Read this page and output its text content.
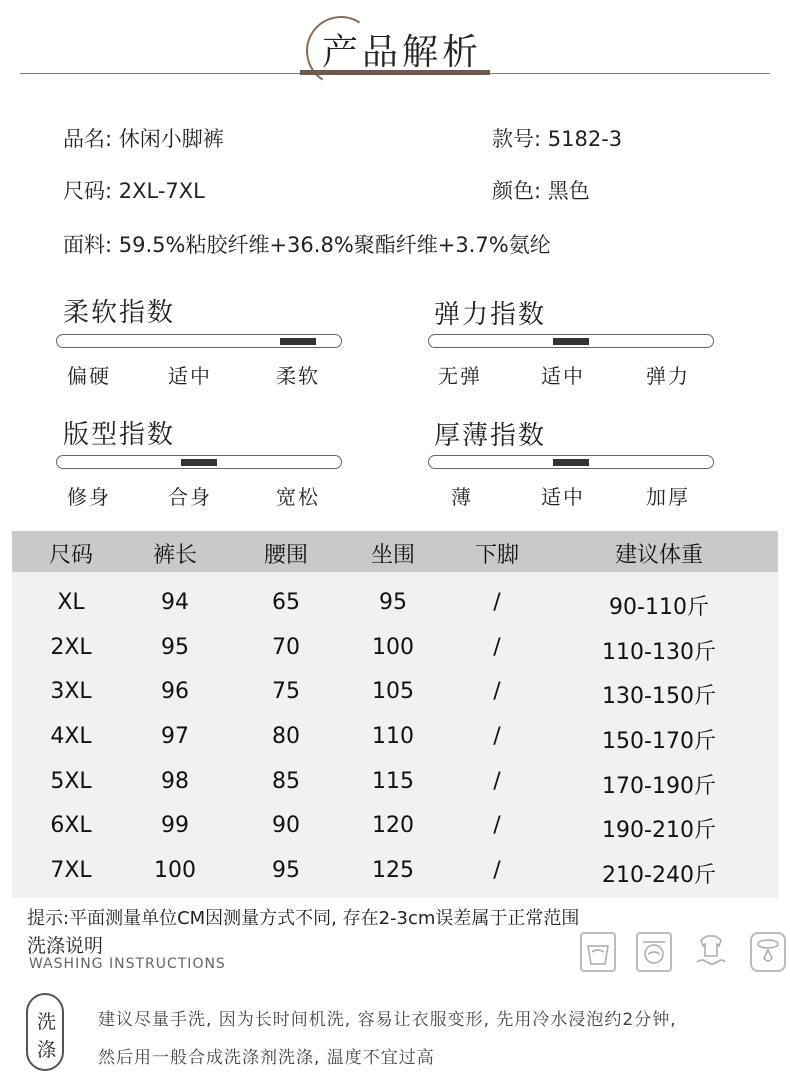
产品解析
品名: 休闲小脚裤	款号: 5182-3
尺码: 2XL-7XL	颜色: 黑色
面料: 59.5%粘胶纤维+36.8%聚酯纤维+3.7%氨纶
柔软指数
偏硬	适中	柔软
弹力指数
无弹	适中	弹力
版型指数
修身	合身	宽松
厚薄指数
薄	适中	加厚
尺码	裤长	腰围	坐围	下脚	建议体重
XL	94	65	95	/	90-110斤
2XL	95	70	100	/	110-130斤
3XL	96	75	105	/	130-150斤
4XL	97	80	110	/	150-170斤
5XL	98	85	115	/	170-190斤
6XL	99	90	120	/	190-210斤
7XL	100	95	125	/	210-240斤
提示:平面测量单位CM因测量方式不同, 存在2-3cm误差属于正常范围
洗涤说明
WASHING INSTRUCTIONS
洗
涤
建议尽量手洗, 因为长时间机洗, 容易让衣服变形, 先用冷水浸泡约2分钟,
然后用一般合成洗涤剂洗涤, 温度不宜过高
